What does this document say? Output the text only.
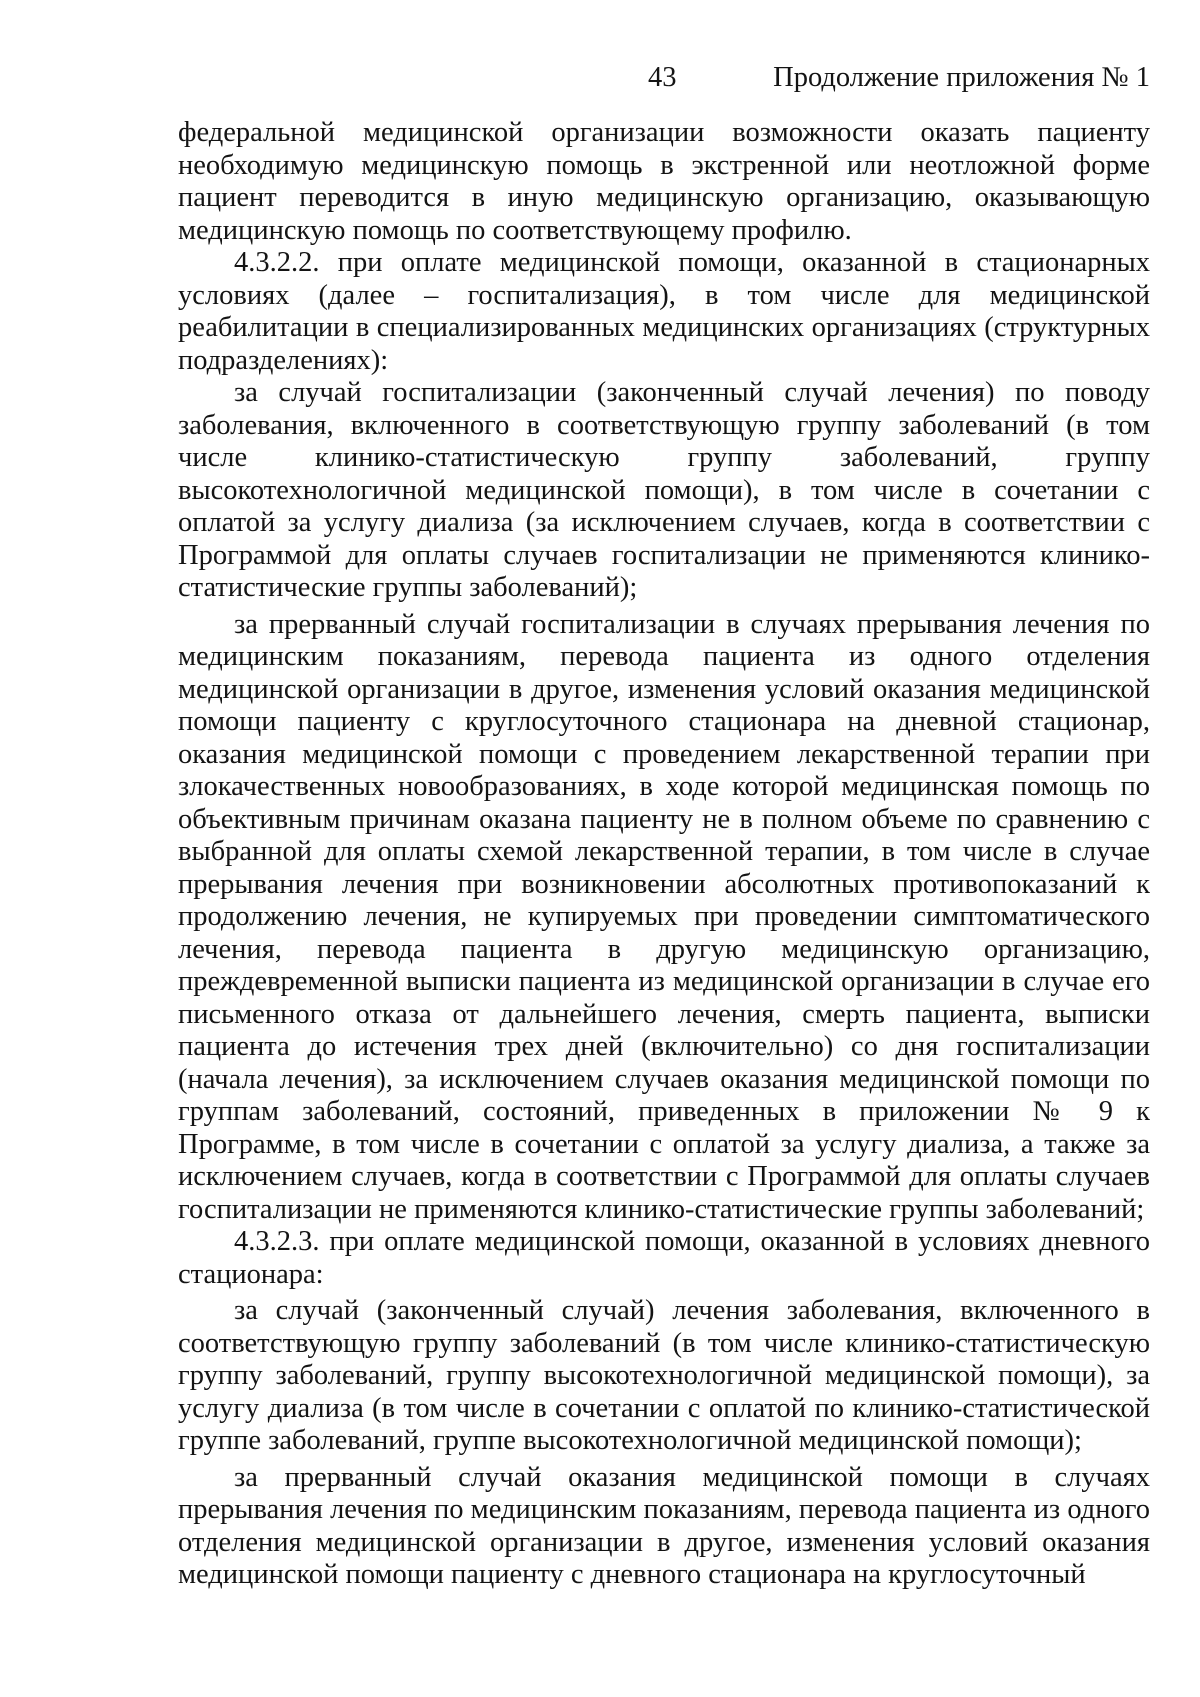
43	Продолжение приложения № 1

федеральной медицинской организации возможности оказать пациенту необходимую медицинскую помощь в экстренной или неотложной форме пациент переводится в иную медицинскую организацию, оказывающую медицинскую помощь по соответствующему профилю.

4.3.2.2. при оплате медицинской помощи, оказанной в стационарных условиях (далее – госпитализация), в том числе для медицинской реабилитации в специализированных медицинских организациях (структурных подразделениях):

за случай госпитализации (законченный случай лечения) по поводу заболевания, включенного в соответствующую группу заболеваний (в том числе клинико-статистическую группу заболеваний, группу высокотехнологичной медицинской помощи), в том числе в сочетании с оплатой за услугу диализа (за исключением случаев, когда в соответствии с Программой для оплаты случаев госпитализации не применяются клинико-статистические группы заболеваний);

за прерванный случай госпитализации в случаях прерывания лечения по медицинским показаниям, перевода пациента из одного отделения медицинской организации в другое, изменения условий оказания медицинской помощи пациенту с круглосуточного стационара на дневной стационар, оказания медицинской помощи с проведением лекарственной терапии при злокачественных новообразованиях, в ходе которой медицинская помощь по объективным причинам оказана пациенту не в полном объеме по сравнению с выбранной для оплаты схемой лекарственной терапии, в том числе в случае прерывания лечения при возникновении абсолютных противопоказаний к продолжению лечения, не купируемых при проведении симптоматического лечения, перевода пациента в другую медицинскую организацию, преждевременной выписки пациента из медицинской организации в случае его письменного отказа от дальнейшего лечения, смерть пациента, выписки пациента до истечения трех дней (включительно) со дня госпитализации (начала лечения), за исключением случаев оказания медицинской помощи по группам заболеваний, состояний, приведенных в приложении № 9 к Программе, в том числе в сочетании с оплатой за услугу диализа, а также за исключением случаев, когда в соответствии с Программой для оплаты случаев госпитализации не применяются клинико-статистические группы заболеваний;

4.3.2.3. при оплате медицинской помощи, оказанной в условиях дневного стационара:

за случай (законченный случай) лечения заболевания, включенного в соответствующую группу заболеваний (в том числе клинико-статистическую группу заболеваний, группу высокотехнологичной медицинской помощи), за услугу диализа (в том числе в сочетании с оплатой по клинико-статистической группе заболеваний, группе высокотехнологичной медицинской помощи);

за прерванный случай оказания медицинской помощи в случаях прерывания лечения по медицинским показаниям, перевода пациента из одного отделения медицинской организации в другое, изменения условий оказания медицинской помощи пациенту с дневного стационара на круглосуточный
